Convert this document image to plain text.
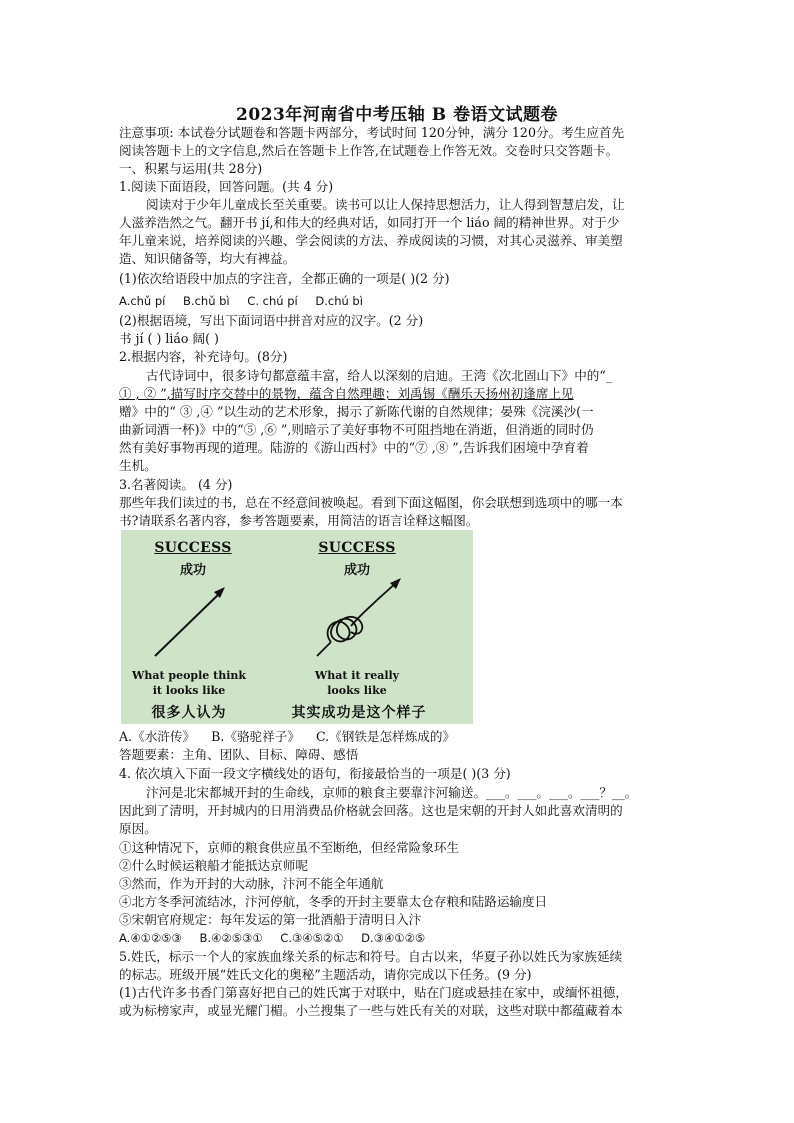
2023年河南省中考压轴 B 卷语文试题卷
注意事项: 本试卷分试题卷和答题卡两部分，考试时间 120分钟，满分 120分。考生应首先
阅读答题卡上的文字信息,然后在答题卡上作答,在试题卷上作答无效。交卷时只交答题卡。
一、积累与运用(共 28分)
1.阅读下面语段，回答问题。(共 4 分)
阅读对于少年儿童成长至关重要。读书可以让人保持思想活力，让人得到智慧启发，让
人滋养浩然之气。翻开书 jí,和伟大的经典对话，如同打开一个 liáo 阔的精神世界。对于少
年儿童来说，培养阅读的兴趣、学会阅读的方法、养成阅读的习惯，对其心灵滋养、审美塑
造、知识储备等，均大有裨益。
(1)依次给语段中加点的字注音，全都正确的一项是( )(2 分)
A.chǔ pí B.chǔ bì C. chú pí D.chú bì
(2)根据语境，写出下面词语中拼音对应的汉字。(2 分)
书 jí ( ) liáo 阔( )
2.根据内容，补充诗句。(8分)
古代诗词中，很多诗句都意蕴丰富，给人以深刻的启迪。王湾《次北固山下》中的“_
① , ② ”,描写时序交替中的景物，蕴含自然理趣；刘禹锡《酬乐天扬州初逢席上见
赠》中的“ ③ ,④ ”以生动的艺术形象，揭示了新陈代谢的自然规律；晏殊《浣溪沙(一
曲新词酒一杯)》中的“⑤ ,⑥ ”,则暗示了美好事物不可阻挡地在消逝，但消逝的同时仍
然有美好事物再现的道理。陆游的《游山西村》中的“⑦ ,⑧ ”,告诉我们困境中孕育着
生机。
3.名著阅读。 (4 分)
那些年我们读过的书，总在不经意间被唤起。看到下面这幅图，你会联想到选项中的哪一本
书?请联系名著内容，参考答题要素，用简洁的语言诠释这幅图。
SUCCESS
成功
SUCCESS
成功
What people think
it looks like
很多人认为
What it really
looks like
其实成功是这个样子
A.《水浒传》 B.《骆驼祥子》 C.《钢铁是怎样炼成的》
答题要素：主角、团队、目标、障碍、感悟
4. 依次填入下面一段文字横线处的语句，衔接最恰当的一项是( )(3 分)
汴河是北宋都城开封的生命线，京师的粮食主要靠汴河输送。___。___。___。___？__。
因此到了清明，开封城内的日用消费品价格就会回落。这也是宋朝的开封人如此喜欢清明的
原因。
①这种情况下，京师的粮食供应虽不至断绝，但经常险象环生
②什么时候运粮船才能抵达京师呢
③然而，作为开封的大动脉，汴河不能全年通航
④北方冬季河流结冰，汴河停航，冬季的开封主要靠太仓存粮和陆路运输度日
⑤宋朝官府规定：每年发运的第一批酒船于清明日入汴
A.④①②⑤③ B.④②⑤③① C.③④⑤②① D.③④①②⑤
5.姓氏，标示一个人的家族血缘关系的标志和符号。自古以来，华夏子孙以姓氏为家族延续
的标志。班级开展“姓氏文化的奥秘”主题活动，请你完成以下任务。(9 分)
(1)古代许多书香门第喜好把自己的姓氏寓于对联中，贴在门庭或悬挂在家中，或缅怀祖德，
或为标榜家声，或显光耀门楣。小兰搜集了一些与姓氏有关的对联，这些对联中都蕴藏着本
